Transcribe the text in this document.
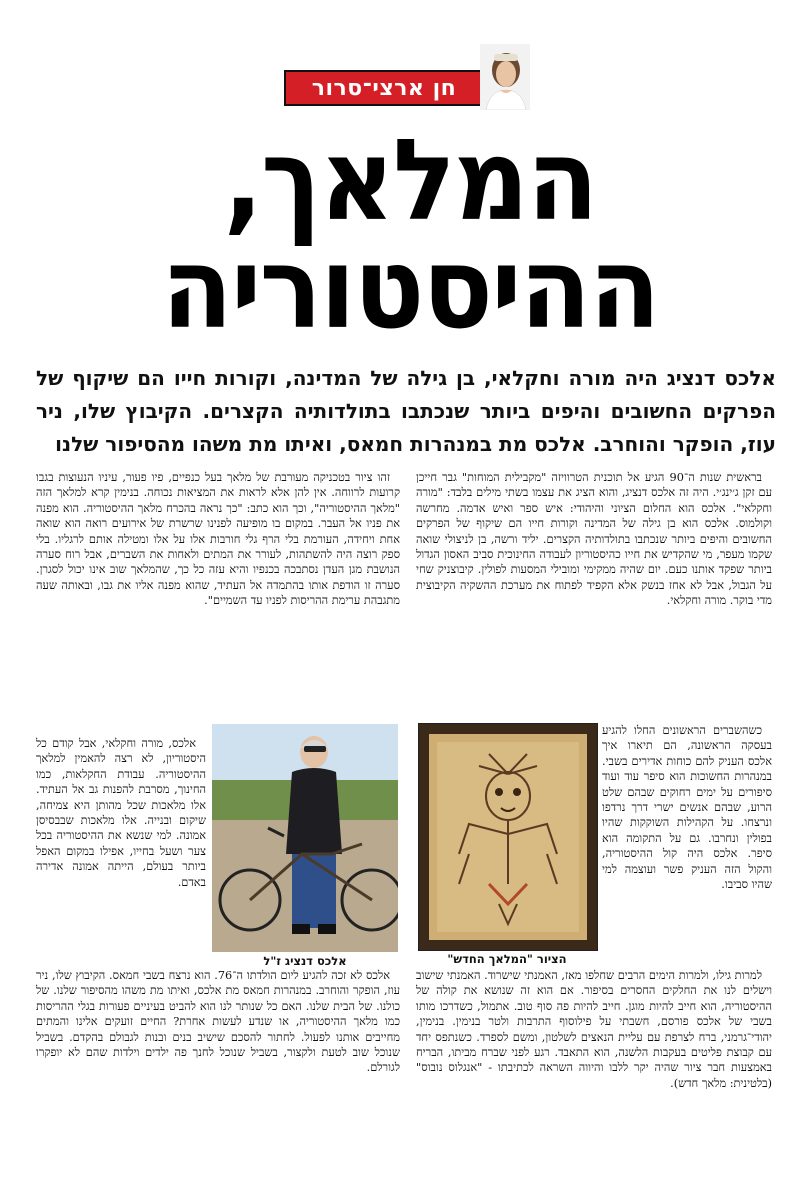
חן ארצי־סרור
המלאך,
ההיסטוריה
אלכס דנציג היה מורה וחקלאי, בן גילה של המדינה, וקורות חייו הם שיקוף של הפרקים החשובים והיפים ביותר שנכתבו בתולדותיה הקצרים. הקיבוץ שלו, ניר עוז, הופקר והוחרב. אלכס מת במנהרות חמאס, ואיתו מת משהו מהסיפור שלנו

בראשית שנות ה־90 הגיע אל תוכנית הטרוויזה "מקבילית המוחות" גבר חייכן עם זקן ג׳ינג׳י. היה זה אלכס דנציג, והוא הציג את עצמו בשתי מילים בלבד: "מורה וחקלאי". אלכס הוא החלום הציוני והיהודי: איש ספר ואיש אדמה. מחרשה וקולמוס. אלכס הוא בן גילה של המדינה וקורות חייו הם שיקוף של הפרקים החשובים והיפים ביותר שנכתבו בתולדותיה הקצרים. יליד ורשה, בן לניצולי שואה שקמו מעפר, מי שהקדיש את חייו כהיסטוריון לעבודה החינוכית סביב האסון הגדול ביותר שפקד אותנו כעם. יום שהיה ממקימי ומובילי המסעות לפולין. קיבוצניק שחי על הגבול, אבל לא אחז בנשק אלא הקפיד לפתוח את מערכת ההשקיה הקיבוצית מדי בוקר. מורה וחקלאי.

זהו ציור בטכניקה מעורבת של מלאך בעל כנפיים, פיו פעור, עיניו הנעוצות בגבו קרועות לרווחה. אין להן אלא לראות את המציאות נכוחה. בנימין קרא למלאך הזה "מלאך ההיסטוריה", וכך הוא כתב: "כך נראה בהכרח מלאך ההיסטוריה. הוא מפנה את פניו אל העבר. במקום בו מופיעה לפנינו שרשרת של אירועים רואה הוא שואה אחת ויחידה, העורמת בלי הרף גלי חורבות אלו על אלו ומטילה אותם לרגליו. בלי ספק רוצה היה להשתהות, לעורר את המתים ולאחות את השברים, אבל רוח סערה הנושבת מגן העדן נסתבכה בכנפיו והיא עזה כל כך, שהמלאך שוב אינו יכול לסגרן. סערה זו הודפת אותו בהתמדה אל העתיד, שהוא מפנה אליו את גבו, ובאותה שעה מתגבהת ערימת ההריסות לפניו עד השמיים".

הציור "המלאך החדש"

כשהשברים הראשונים החלו להגיע בעסקה הראשונה, הם תיארו איך אלכס העניק להם כוחות אדירים בשבי. במנהרות החשוכות הוא סיפר עוד ועוד סיפורים על ימים רחוקים שבהם שלט הרוע, שבהם אנשים ישרי דרך נרדפו ונרצחו. על הקהילות השוקקות שהיו בפולין ונחרבו. גם על התקומה הוא סיפר. אלכס היה קול ההיסטוריה, והקול הזה העניק פשר ועוצמה למי שהיו סביבו.

אלכס דנציג ז"ל

אלכס, מורה וחקלאי, אבל קודם כל היסטוריון, לא רצה להאמין למלאך ההיסטוריה. עבודת החקלאות, כמו החינוך, מסרבת להפנות גב אל העתיד. אלו מלאכות שכל מהותן היא צמיחה, שיקום ובנייה. אלו מלאכות שבבסיסן אמונה. למי שנשא את ההיסטוריה בכל צער ושעל בחייו, אפילו במקום האפל ביותר בעולם, הייתה אמונה אדירה באדם.

למרות גילו, ולמרות הימים הרבים שחלפו מאז, האמנתי שישרוד. האמנתי שישוב וישלים לנו את החלקים החסרים בסיפור. אם הוא זה שנושא את קולה של ההיסטוריה, הוא חייב להיות מוגן. חייב להיות פה סוף טוב. אתמול, כשדרכו מותו בשבי של אלכס פורסם, חשבתי על פילוסוף התרבות ולטר בנימין. בנימין, יהודי־גרמני, ברח לצרפת עם עליית הנאצים לשלטון, ומשם לספרד. כשנתפס יחד עם קבוצת פליטים בעקבות הלשנה, הוא התאבד. רגע לפני שברח מביתו, הבריח באמצעות חבר ציור שהיה יקר ללבו והיווה השראה לכתיבתו - "אנגלוס נובוס" (בלטינית: מלאך חדש).

אלכס לא זכה להגיע ליום הולדתו ה־76. הוא נרצח בשבי חמאס. הקיבוץ שלו, ניר עוז, הופקר והוחרב. במנהרות חמאס מת אלכס, ואיתו מת משהו מהסיפור שלנו. של כולנו. של הבית שלנו. האם כל שנותר לנו הוא להביט בעיניים פעורות בגלי ההריסות כמו מלאך ההיסטוריה, או שנדע לעשות אחרת? החיים זועקים אלינו והמתים מחייבים אותנו לפעול. לחתור להסכם שישיב בנים ובנות לגבולם בהקדם. בשביל שנוכל שוב לטעת ולקצור, בשביל שנוכל לחנך פה ילדים וילדות שהם לא יופקרו לגורלם.
